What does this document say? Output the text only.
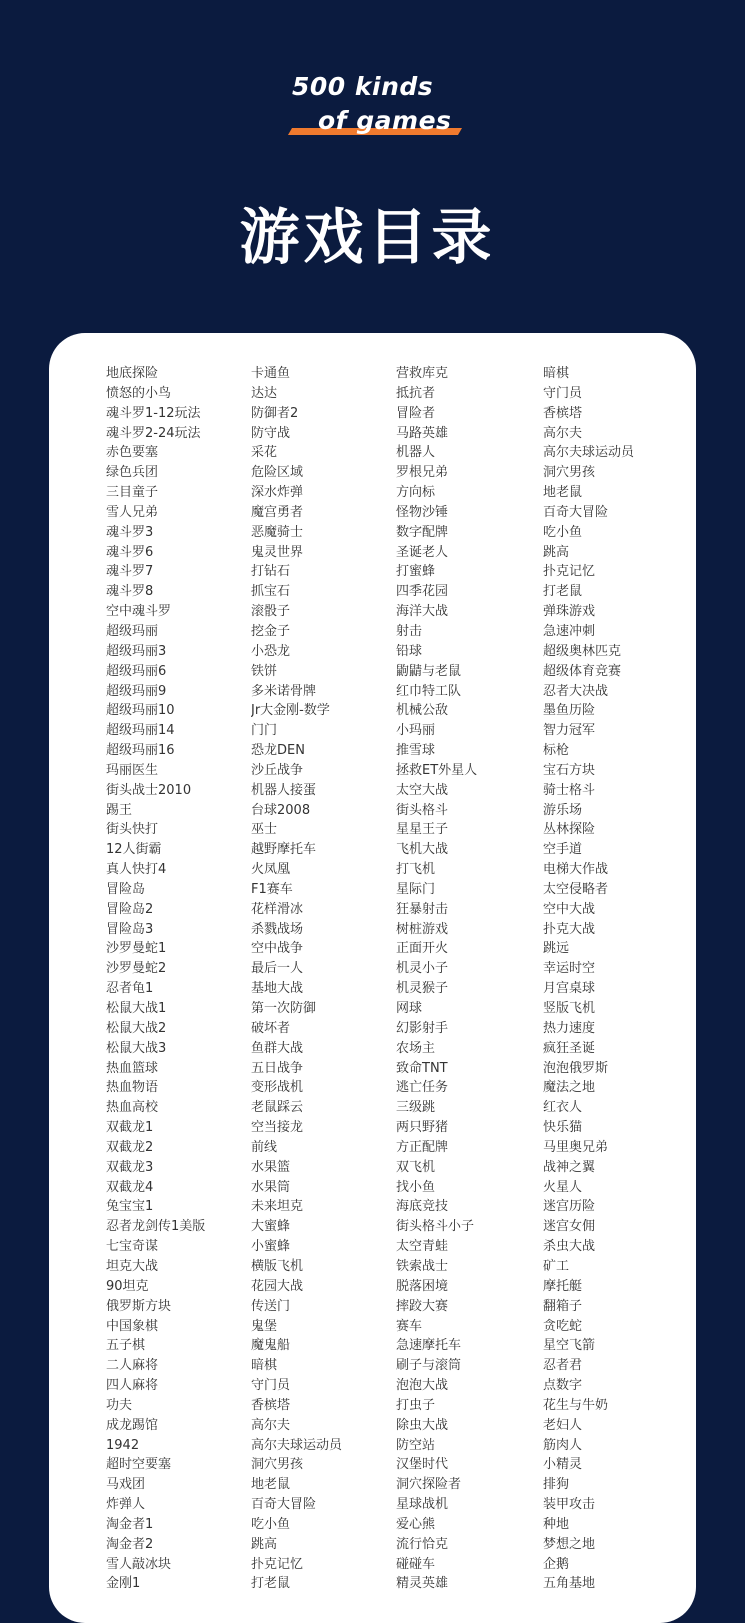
500 kinds
of games
游戏目录
地底探险
愤怒的小鸟
魂斗罗1-12玩法
魂斗罗2-24玩法
赤色要塞
绿色兵团
三目童子
雪人兄弟
魂斗罗3
魂斗罗6
魂斗罗7
魂斗罗8
空中魂斗罗
超级玛丽
超级玛丽3
超级玛丽6
超级玛丽9
超级玛丽10
超级玛丽14
超级玛丽16
玛丽医生
街头战士2010
踢王
街头快打
12人街霸
真人快打4
冒险岛
冒险岛2
冒险岛3
沙罗曼蛇1
沙罗曼蛇2
忍者龟1
松鼠大战1
松鼠大战2
松鼠大战3
热血篮球
热血物语
热血高校
双截龙1
双截龙2
双截龙3
双截龙4
兔宝宝1
忍者龙剑传1美版
七宝奇谋
坦克大战
90坦克
俄罗斯方块
中国象棋
五子棋
二人麻将
四人麻将
功夫
成龙踢馆
1942
超时空要塞
马戏团
炸弹人
淘金者1
淘金者2
雪人敲冰块
金刚1
卡通鱼
达达
防御者2
防守战
采花
危险区域
深水炸弹
魔宫勇者
恶魔骑士
鬼灵世界
打钻石
抓宝石
滚骰子
挖金子
小恐龙
铁饼
多米诺骨牌
Jr大金刚-数学
门门
恐龙DEN
沙丘战争
机器人接蛋
台球2008
巫士
越野摩托车
火凤凰
F1赛车
花样滑冰
杀戮战场
空中战争
最后一人
基地大战
第一次防御
破坏者
鱼群大战
五日战争
变形战机
老鼠踩云
空当接龙
前线
水果篮
水果筒
未来坦克
大蜜蜂
小蜜蜂
横版飞机
花园大战
传送门
鬼堡
魔鬼船
暗棋
守门员
香槟塔
高尔夫
高尔夫球运动员
洞穴男孩
地老鼠
百奇大冒险
吃小鱼
跳高
扑克记忆
打老鼠
营救库克
抵抗者
冒险者
马路英雄
机器人
罗根兄弟
方向标
怪物沙锤
数字配牌
圣诞老人
打蜜蜂
四季花园
海洋大战
射击
铅球
鼩鼱与老鼠
红巾特工队
机械公敌
小玛丽
推雪球
拯救ET外星人
太空大战
街头格斗
星星王子
飞机大战
打飞机
星际门
狂暴射击
树桩游戏
正面开火
机灵小子
机灵猴子
网球
幻影射手
农场主
致命TNT
逃亡任务
三级跳
两只野猪
方正配牌
双飞机
找小鱼
海底竞技
街头格斗小子
太空青蛙
铁索战士
脱落困境
摔跤大赛
赛车
急速摩托车
刷子与滚筒
泡泡大战
打虫子
除虫大战
防空站
汉堡时代
洞穴探险者
星球战机
爱心熊
流行恰克
碰碰车
精灵英雄
暗棋
守门员
香槟塔
高尔夫
高尔夫球运动员
洞穴男孩
地老鼠
百奇大冒险
吃小鱼
跳高
扑克记忆
打老鼠
弹珠游戏
急速冲刺
超级奥林匹克
超级体育竞赛
忍者大决战
墨鱼历险
智力冠军
标枪
宝石方块
骑士格斗
游乐场
丛林探险
空手道
电梯大作战
太空侵略者
空中大战
扑克大战
跳远
幸运时空
月宫桌球
竖版飞机
热力速度
疯狂圣诞
泡泡俄罗斯
魔法之地
红衣人
快乐猫
马里奥兄弟
战神之翼
火星人
迷宫历险
迷宫女佣
杀虫大战
矿工
摩托艇
翻箱子
贪吃蛇
星空飞箭
忍者君
点数字
花生与牛奶
老妇人
筋肉人
小精灵
排狗
装甲攻击
种地
梦想之地
企鹅
五角基地
